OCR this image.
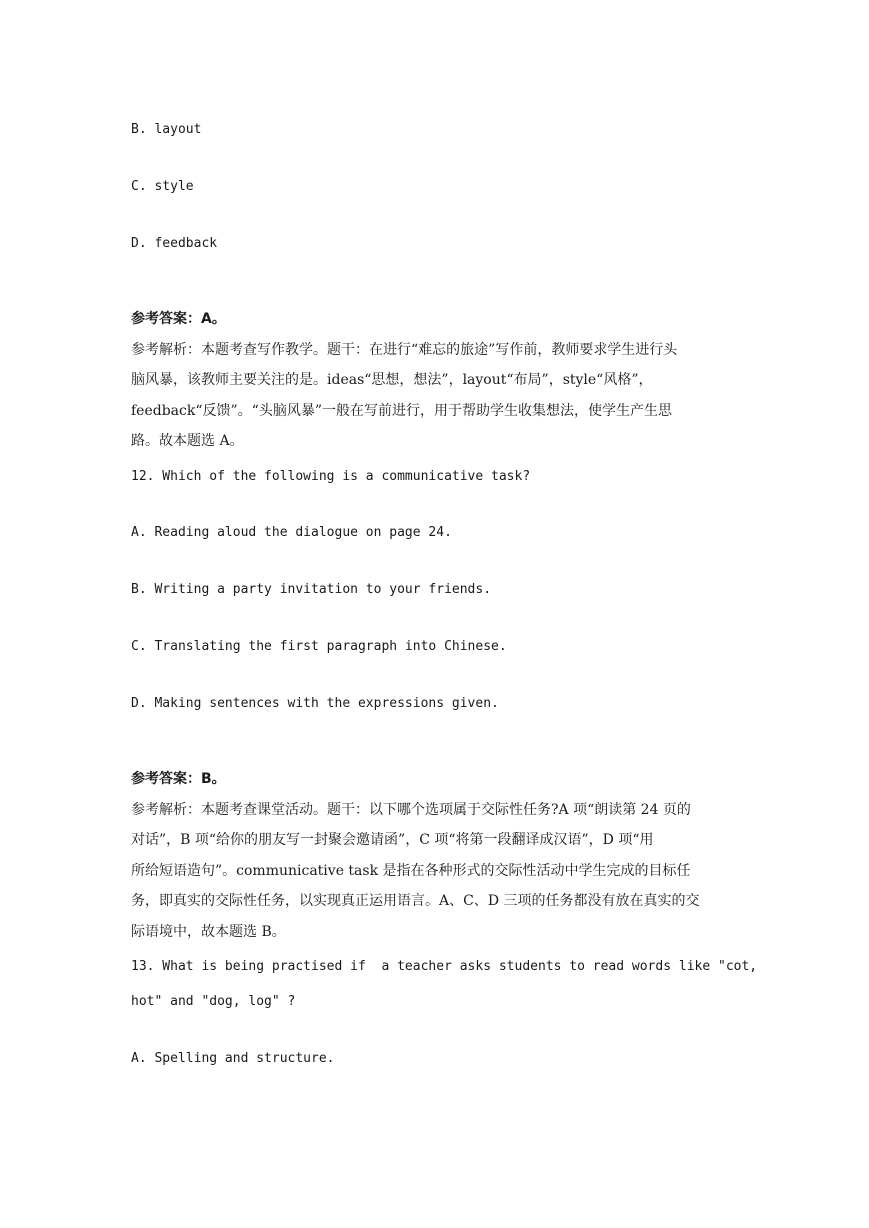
B. layout
C. style
D. feedback
参考答案：A。
参考解析：本题考查写作教学。题干：在进行“难忘的旅途”写作前，教师要求学生进行头
脑风暴，该教师主要关注的是。ideas“思想，想法”，layout“布局”，style“风格”，
feedback“反馈”。“头脑风暴”一般在写前进行，用于帮助学生收集想法，使学生产生思
路。故本题选 A。
12. Which of the following is a communicative task?
A. Reading aloud the dialogue on page 24.
B. Writing a party invitation to your friends.
C. Translating the first paragraph into Chinese.
D. Making sentences with the expressions given.
参考答案：B。
参考解析：本题考查课堂活动。题干：以下哪个选项属于交际性任务?A 项“朗读第 24 页的
对话”，B 项“给你的朋友写一封聚会邀请函”，C 项“将第一段翻译成汉语”，D 项“用
所给短语造句”。communicative task 是指在各种形式的交际性活动中学生完成的目标任
务，即真实的交际性任务，以实现真正运用语言。A、C、D 三项的任务都没有放在真实的交
际语境中，故本题选 B。
13. What is being practised if  a teacher asks students to read words like "cot,
hot" and "dog, log" ?
A. Spelling and structure.
